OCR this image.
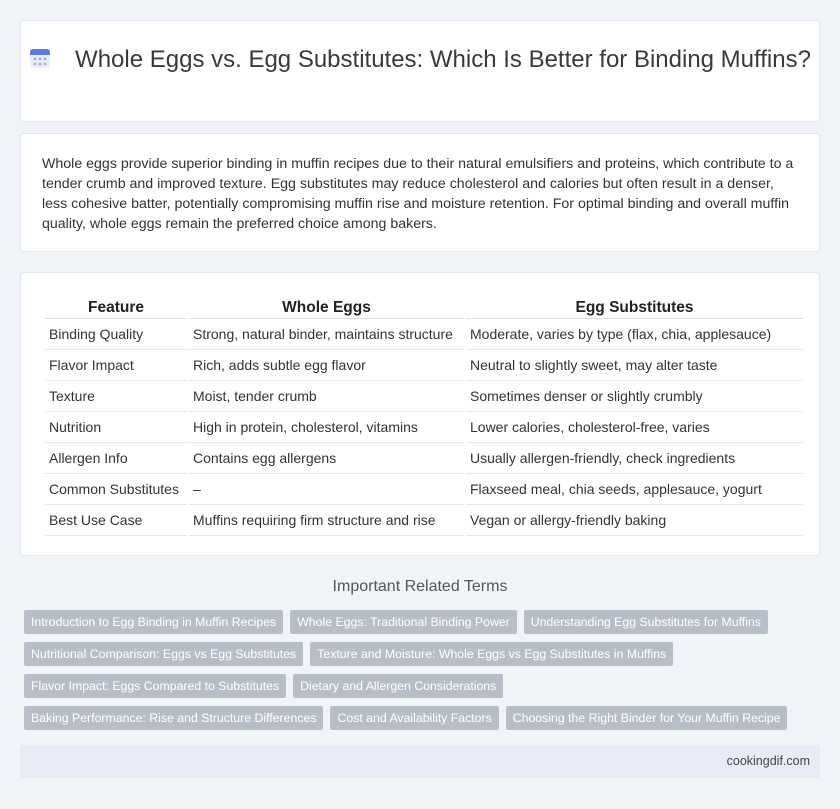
Whole Eggs vs. Egg Substitutes: Which Is Better for Binding Muffins?

Whole eggs provide superior binding in muffin recipes due to their natural emulsifiers and proteins, which contribute to a tender crumb and improved texture. Egg substitutes may reduce cholesterol and calories but often result in a denser, less cohesive batter, potentially compromising muffin rise and moisture retention. For optimal binding and overall muffin quality, whole eggs remain the preferred choice among bakers.

Feature	Whole Eggs	Egg Substitutes
Binding Quality	Strong, natural binder, maintains structure	Moderate, varies by type (flax, chia, applesauce)
Flavor Impact	Rich, adds subtle egg flavor	Neutral to slightly sweet, may alter taste
Texture	Moist, tender crumb	Sometimes denser or slightly crumbly
Nutrition	High in protein, cholesterol, vitamins	Lower calories, cholesterol-free, varies
Allergen Info	Contains egg allergens	Usually allergen-friendly, check ingredients
Common Substitutes	–	Flaxseed meal, chia seeds, applesauce, yogurt
Best Use Case	Muffins requiring firm structure and rise	Vegan or allergy-friendly baking
Important Related Terms
Introduction to Egg Binding in Muffin Recipes	Whole Eggs: Traditional Binding Power	Understanding Egg Substitutes for Muffins
Nutritional Comparison: Eggs vs Egg Substitutes	Texture and Moisture: Whole Eggs vs Egg Substitutes in Muffins
Flavor Impact: Eggs Compared to Substitutes	Dietary and Allergen Considerations
Baking Performance: Rise and Structure Differences	Cost and Availability Factors	Choosing the Right Binder for Your Muffin Recipe
cookingdif.com
